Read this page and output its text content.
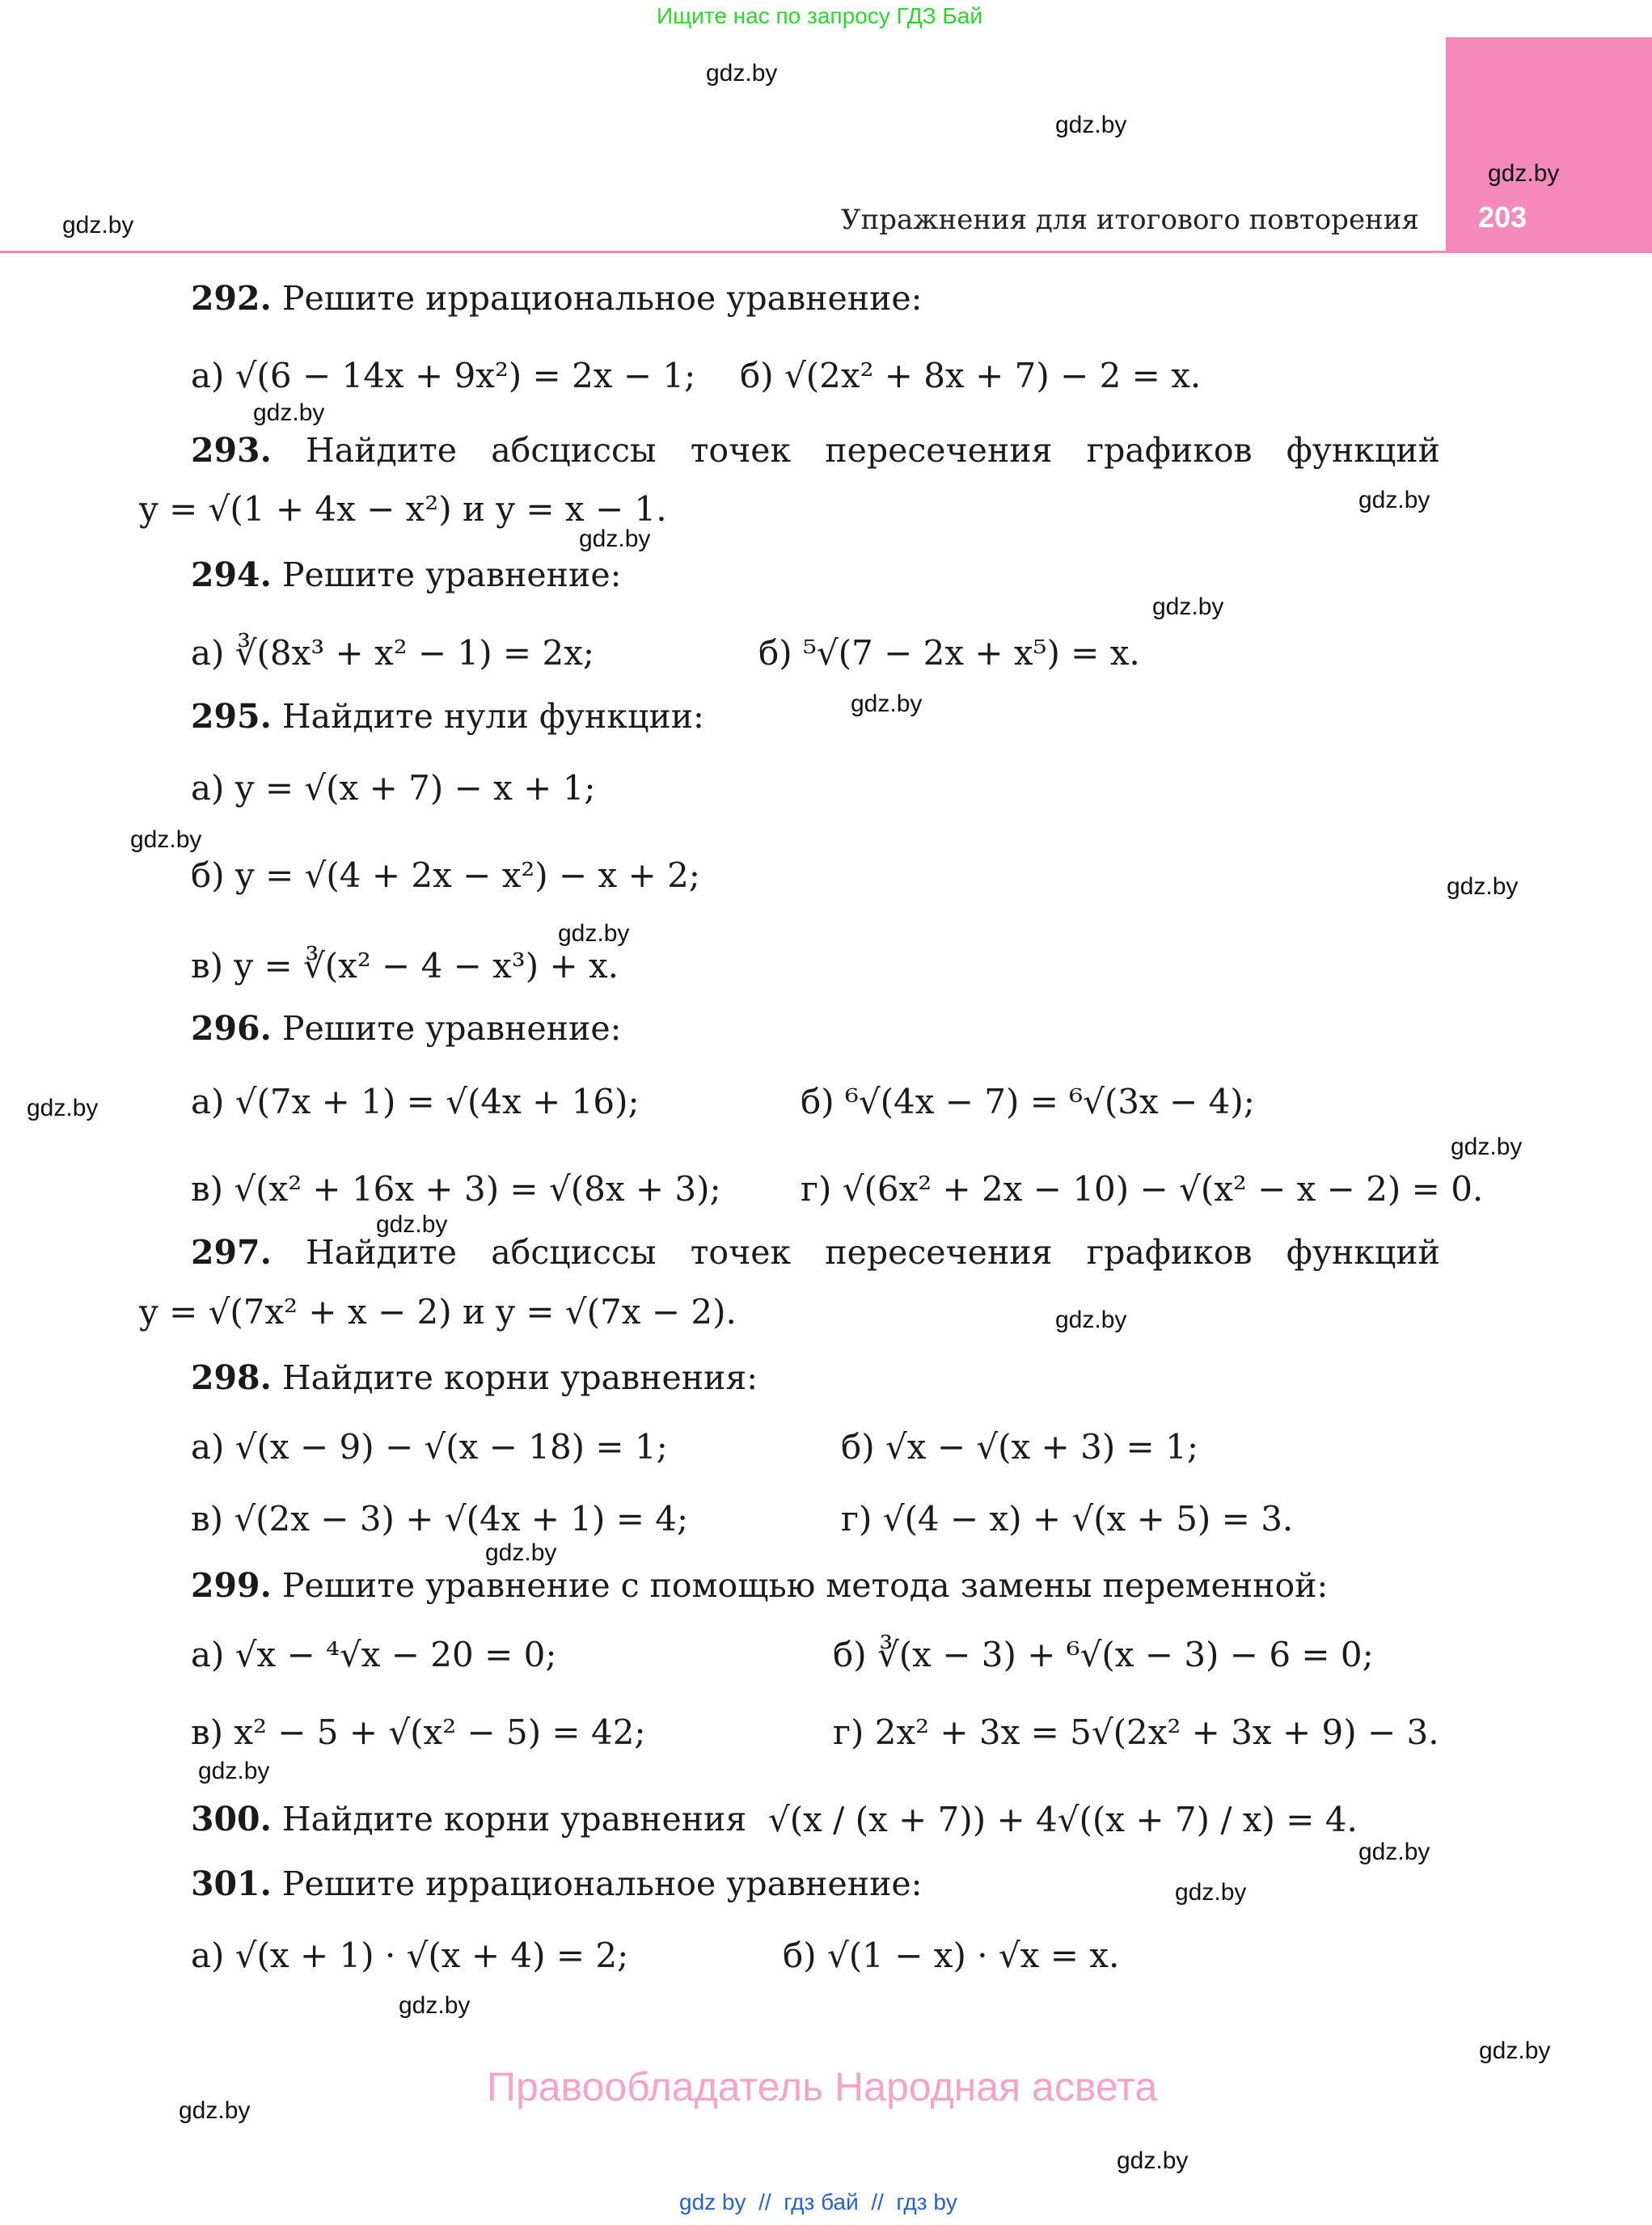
Ищите нас по запросу ГДЗ Бай
Упражнения для итогового повторения 203
gdz.by
gdz.by
gdz.by
gdz.by
gdz.by
gdz.by
gdz.by
gdz.by
gdz.by
gdz.by
gdz.by
gdz.by
gdz.by
gdz.by
gdz.by
gdz.by
gdz.by
gdz.by
gdz.by
gdz.by
gdz.by
gdz.by
gdz.by
gdz.by
292. Решите иррациональное уравнение:
а) √(6 − 14x + 9x²) = 2x − 1; б) √(2x² + 8x + 7) − 2 = x.
293. Найдите абсциссы точек пересечения графиков функций
y = √(1 + 4x − x²) и y = x − 1.
294. Решите уравнение:
а) ∛(8x³ + x² − 1) = 2x;	б) ⁵√(7 − 2x + x⁵) = x.
295. Найдите нули функции:
а) y = √(x + 7) − x + 1;
б) y = √(4 + 2x − x²) − x + 2;
в) y = ∛(x² − 4 − x³) + x.
296. Решите уравнение:
а) √(7x + 1) = √(4x + 16);	б) ⁶√(4x − 7) = ⁶√(3x − 4);
в) √(x² + 16x + 3) = √(8x + 3); г) √(6x² + 2x − 10) − √(x² − x − 2) = 0.
297. Найдите абсциссы точек пересечения графиков функций
y = √(7x² + x − 2) и y = √(7x − 2).
298. Найдите корни уравнения:
а) √(x − 9) − √(x − 18) = 1;	б) √x − √(x + 3) = 1;
в) √(2x − 3) + √(4x + 1) = 4;	г) √(4 − x) + √(x + 5) = 3.
299. Решите уравнение с помощью метода замены переменной:
а) √x − ⁴√x − 20 = 0;	б) ∛(x − 3) + ⁶√(x − 3) − 6 = 0;
в) x² − 5 + √(x² − 5) = 42;	г) 2x² + 3x = 5√(2x² + 3x + 9) − 3.
300. Найдите корни уравнения √(x / (x + 7)) + 4√((x + 7) / x) = 4.
301. Решите иррациональное уравнение:
а) √(x + 1) · √(x + 4) = 2;	б) √(1 − x) · √x = x.
Правообладатель Народная асвета
gdz by // гдз бай // гдз by
